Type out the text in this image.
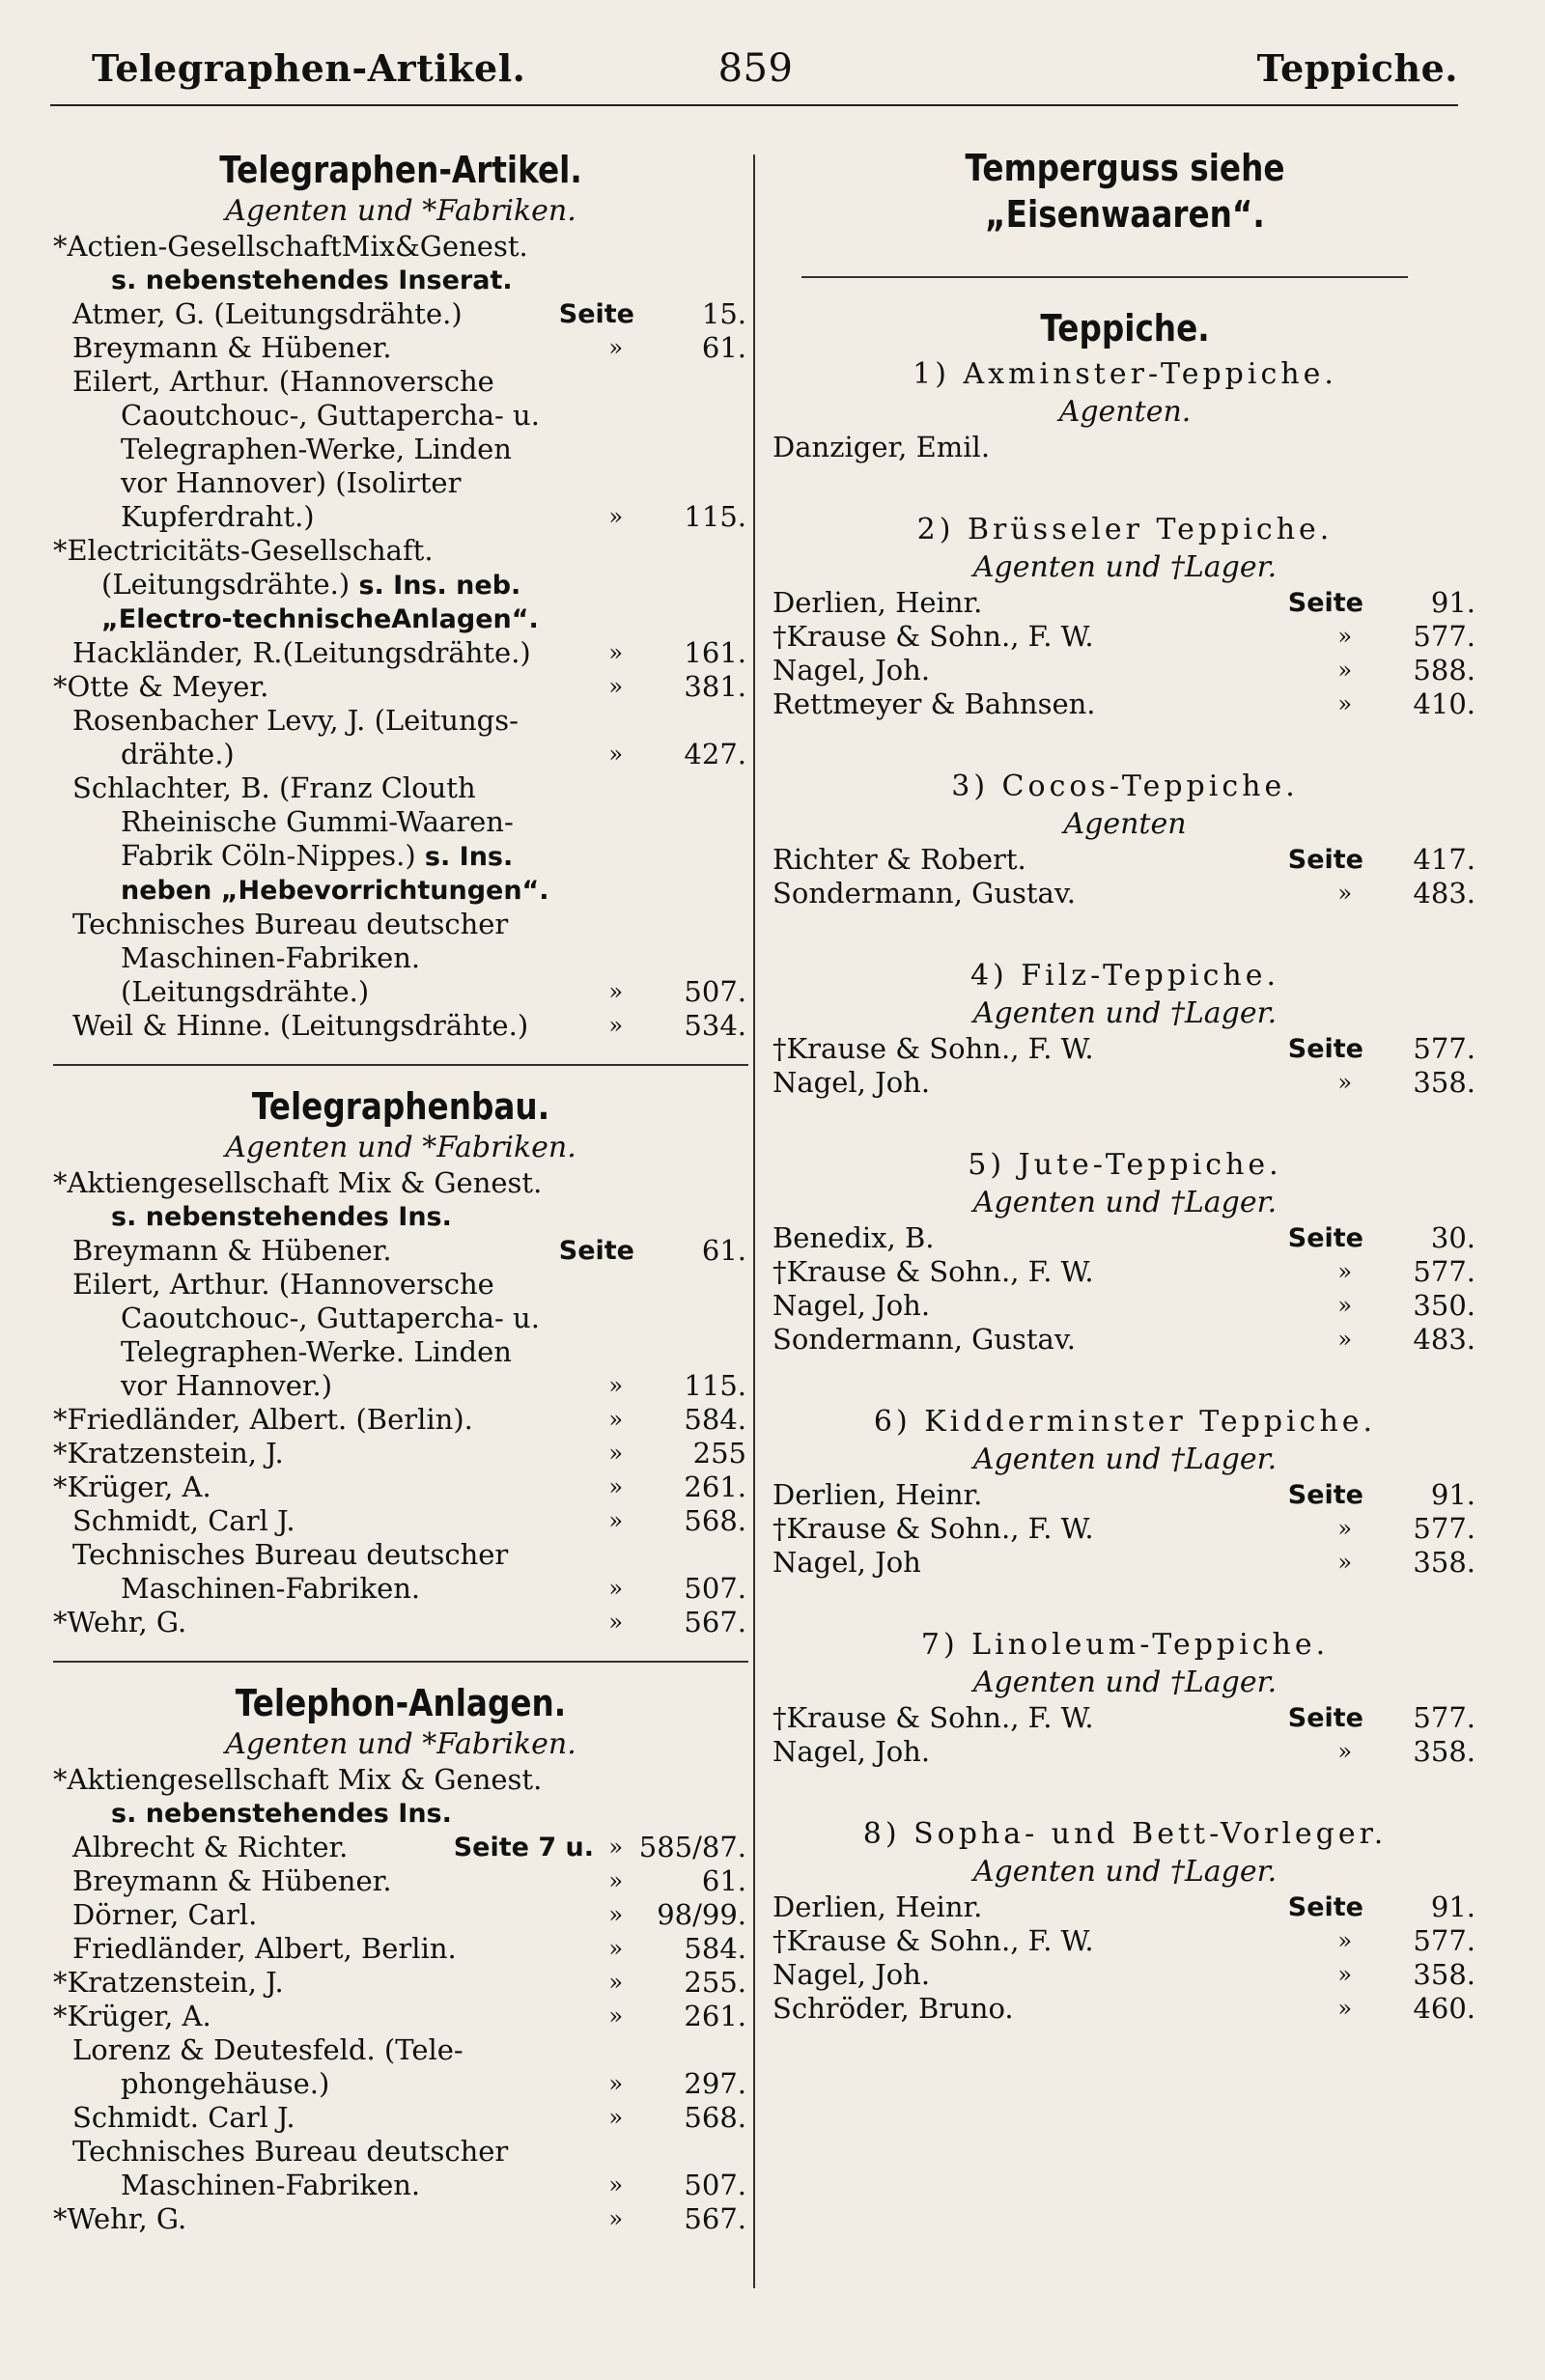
Telegraphen-Artikel.	859	Teppiche.
Telegraphen-Artikel.
Agenten und *Fabriken.
*Actien-GesellschaftMix&Genest.
s. nebenstehendes Inserat.
Atmer, G. (Leitungsdrähte.)	Seite 15.
Breymann & Hübener.	»	61.
Eilert, Arthur. (Hannoversche
Caoutchouc-, Guttapercha- u.
Telegraphen-Werke, Linden
vor Hannover) (Isolirter
Kupferdraht.)	» 115.
*Electricitäts-Gesellschaft.
(Leitungsdrähte.) s. Ins. neb.
„Electro-technischeAnlagen“.
Hackländer, R.(Leitungsdrähte.)	» 161.
*Otte & Meyer.	» 381.
Rosenbacher Levy, J. (Leitungs-
drähte.)	» 427.
Schlachter, B. (Franz Clouth
Rheinische Gummi-Waaren-
Fabrik Cöln-Nippes.) s. Ins.
neben „Hebevorrichtungen“.
Technisches Bureau deutscher
Maschinen-Fabriken.
(Leitungsdrähte.)	» 507.
Weil & Hinne. (Leitungsdrähte.)	» 534.
Telegraphenbau.
Agenten und *Fabriken.
*Aktiengesellschaft Mix & Genest.
s. nebenstehendes Ins.
Breymann & Hübener.	Seite 61.
Eilert, Arthur. (Hannoversche
Caoutchouc-, Guttapercha- u.
Telegraphen-Werke. Linden
vor Hannover.)	» 115.
*Friedländer, Albert. (Berlin).	» 584.
*Kratzenstein, J.	»	255
*Krüger, A.	» 261.
Schmidt, Carl J.	» 568.
Technisches Bureau deutscher
Maschinen-Fabriken.	» 507.
*Wehr, G.	» 567.
Telephon-Anlagen.
Agenten und *Fabriken.
*Aktiengesellschaft Mix & Genest.
s. nebenstehendes Ins.
Albrecht & Richter.	Seite 7 u. » 585/87.
Breymann & Hübener.	»	61.
Dörner, Carl.	» 98/99.
Friedländer, Albert, Berlin.	» 584.
*Kratzenstein, J.	» 255.
*Krüger, A.	» 261.
Lorenz & Deutesfeld. (Tele-
phongehäuse.)	» 297.
Schmidt. Carl J.	» 568.
Technisches Bureau deutscher
Maschinen-Fabriken.	» 507.
*Wehr, G.	» 567.
Temperguss siehe „Eisenwaaren“.
Teppiche.
1) Axminster-Teppiche.
Agenten.
Danziger, Emil.
2) Brüsseler Teppiche.
Agenten und †Lager.
Derlien, Heinr.	Seite 91.
†Krause & Sohn., F. W.	» 577.
Nagel, Joh.	» 588.
Rettmeyer & Bahnsen.	» 410.
3) Cocos-Teppiche.
Agenten
Richter & Robert.	Seite 417.
Sondermann, Gustav.	» 483.
4) Filz-Teppiche.
Agenten und †Lager.
†Krause & Sohn., F. W.	Seite 577.
Nagel, Joh.	» 358.
5) Jute-Teppiche.
Agenten und †Lager.
Benedix, B.	Seite 30.
†Krause & Sohn., F. W.	» 577.
Nagel, Joh.	» 350.
Sondermann, Gustav.	» 483.
6) Kidderminster Teppiche.
Agenten und †Lager.
Derlien, Heinr.	Seite 91.
†Krause & Sohn., F. W.	» 577.
Nagel, Joh	» 358.
7) Linoleum-Teppiche.
Agenten und †Lager.
†Krause & Sohn., F. W.	Seite 577.
Nagel, Joh.	» 358.
8) Sopha- und Bett-Vorleger.
Agenten und †Lager.
Derlien, Heinr.	Seite 91.
†Krause & Sohn., F. W.	» 577.
Nagel, Joh.	» 358.
Schröder, Bruno.	» 460.
